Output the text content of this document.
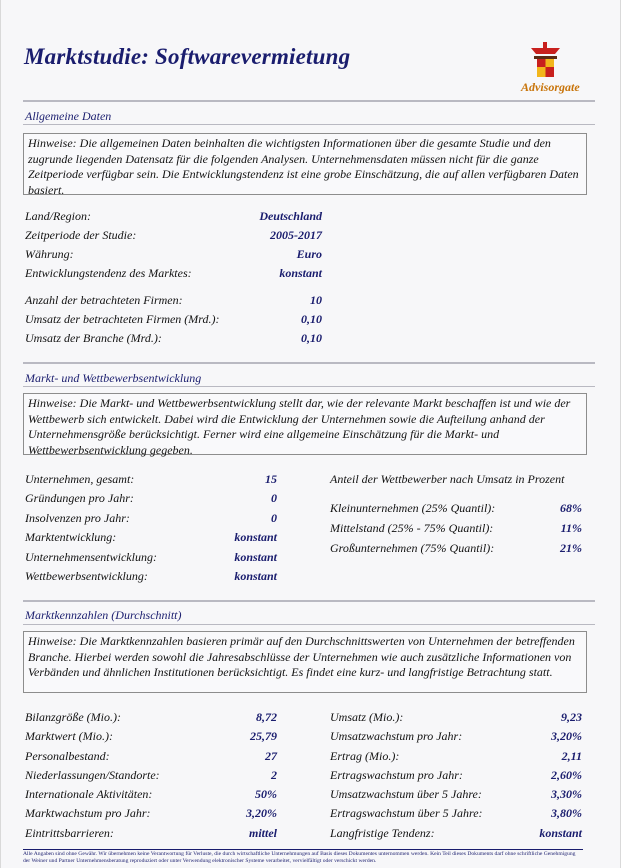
Marktstudie: Softwarevermietung
Advisorgate
Allgemeine Daten
Hinweise: Die allgemeinen Daten beinhalten die wichtigsten Informationen über die gesamte Studie und den zugrunde liegenden Datensatz für die folgenden Analysen. Unternehmensdaten müssen nicht für die ganze Zeitperiode verfügbar sein. Die Entwicklungstendenz ist eine grobe Einschätzung, die auf allen verfügbaren Daten basiert.
Land/Region:	Deutschland
Zeitperiode der Studie:	2005-2017
Währung:	Euro
Entwicklungstendenz des Marktes:	konstant
Anzahl der betrachteten Firmen:	10
Umsatz der betrachteten Firmen (Mrd.):	0,10
Umsatz der Branche (Mrd.):	0,10
Markt- und Wettbewerbsentwicklung
Hinweise: Die Markt- und Wettbewerbsentwicklung stellt dar, wie der relevante Markt beschaffen ist und wie der Wettbewerb sich entwickelt. Dabei wird die Entwicklung der Unternehmen sowie die Aufteilung anhand der Unternehmensgröße berücksichtigt. Ferner wird eine allgemeine Einschätzung für die Markt- und Wettbewerbsentwicklung gegeben.
Unternehmen, gesamt:	15
Gründungen pro Jahr:	0
Insolvenzen pro Jahr:	0
Marktentwicklung:	konstant
Unternehmensentwicklung:	konstant
Wettbewerbsentwicklung:	konstant
Anteil der Wettbewerber nach Umsatz in Prozent
Kleinunternehmen (25% Quantil):	68%
Mittelstand (25% - 75% Quantil):	11%
Großunternehmen (75% Quantil):	21%
Marktkennzahlen (Durchschnitt)
Hinweise: Die Marktkennzahlen basieren primär auf den Durchschnittswerten von Unternehmen der betreffenden Branche. Hierbei werden sowohl die Jahresabschlüsse der Unternehmen wie auch zusätzliche Informationen von Verbänden und ähnlichen Institutionen berücksichtigt. Es findet eine kurz- und langfristige Betrachtung statt.
Bilanzgröße (Mio.):	8,72
Marktwert (Mio.):	25,79
Personalbestand:	27
Niederlassungen/Standorte:	2
Internationale Aktivitäten:	50%
Marktwachstum pro Jahr:	3,20%
Eintrittsbarrieren:	mittel
Umsatz (Mio.):	9,23
Umsatzwachstum pro Jahr:	3,20%
Ertrag (Mio.):	2,11
Ertragswachstum pro Jahr:	2,60%
Umsatzwachstum über 5 Jahre:	3,30%
Ertragswachstum über 5 Jahre:	3,80%
Langfristige Tendenz:	konstant
Alle Angaben sind ohne Gewähr. Wir übernehmen keine Verantwortung für Verluste, die durch wirtschaftliche Unternehmungen auf Basis dieses Dokumentes unternommen werden. Kein Teil dieses Dokuments darf ohne schriftliche Genehmigung der Weiner und Partner Unternehmensberatung reproduziert oder unter Verwendung elektronischer Systeme verarbeitet, vervielfältigt oder verschickt werden.
